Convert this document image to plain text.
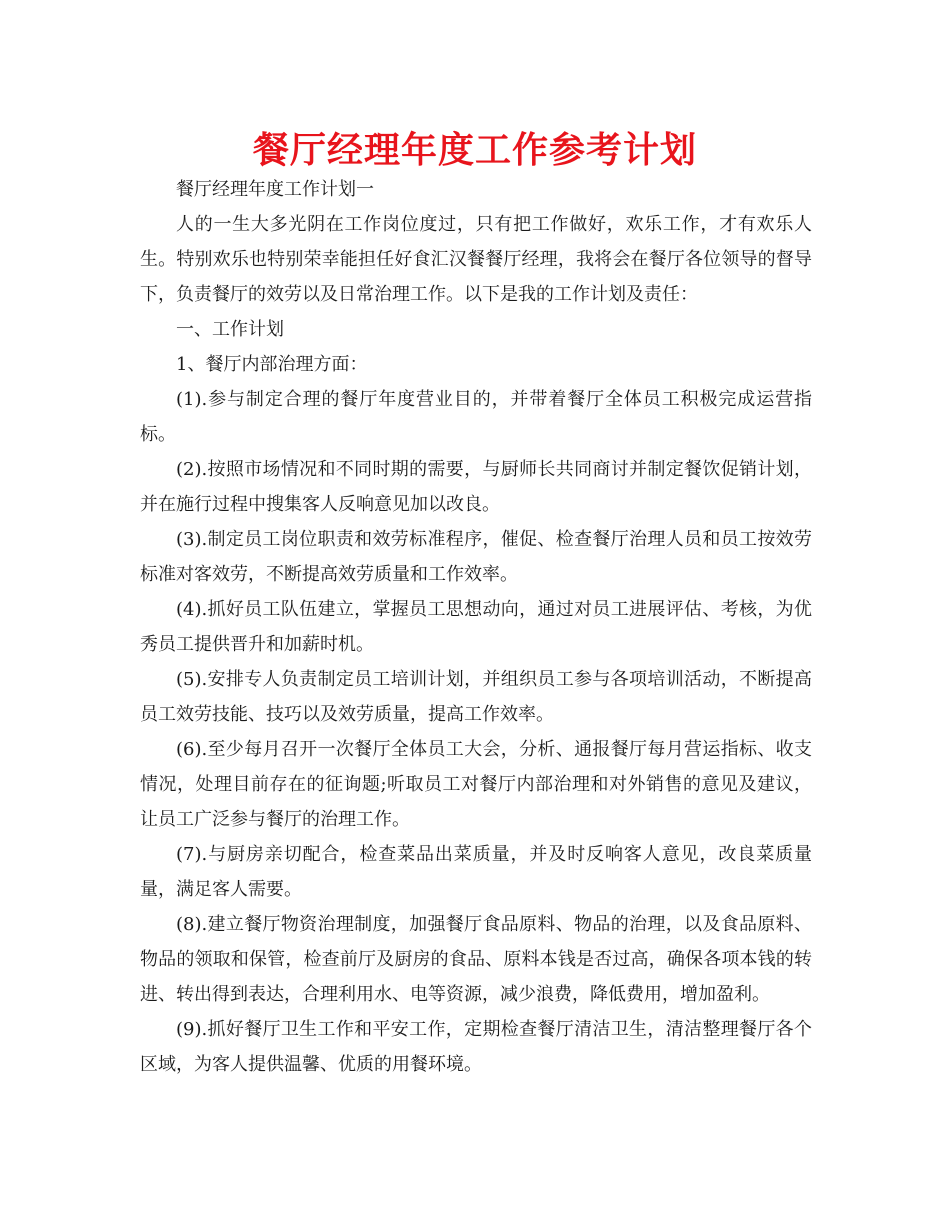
餐厅经理年度工作参考计划

餐厅经理年度工作计划一

人的一生大多光阴在工作岗位度过，只有把工作做好，欢乐工作，才有欢乐人生。特别欢乐也特别荣幸能担任好食汇汉餐餐厅经理，我将会在餐厅各位领导的督导下，负责餐厅的效劳以及日常治理工作。以下是我的工作计划及责任：

一、工作计划

1、餐厅内部治理方面：

(1).参与制定合理的餐厅年度营业目的，并带着餐厅全体员工积极完成运营指标。

(2).按照市场情况和不同时期的需要，与厨师长共同商讨并制定餐饮促销计划，并在施行过程中搜集客人反响意见加以改良。

(3).制定员工岗位职责和效劳标准程序，催促、检查餐厅治理人员和员工按效劳标准对客效劳，不断提高效劳质量和工作效率。

(4).抓好员工队伍建立，掌握员工思想动向，通过对员工进展评估、考核，为优秀员工提供晋升和加薪时机。

(5).安排专人负责制定员工培训计划，并组织员工参与各项培训活动，不断提高员工效劳技能、技巧以及效劳质量，提高工作效率。

(6).至少每月召开一次餐厅全体员工大会，分析、通报餐厅每月营运指标、收支情况，处理目前存在的征询题;听取员工对餐厅内部治理和对外销售的意见及建议，让员工广泛参与餐厅的治理工作。

(7).与厨房亲切配合，检查菜品出菜质量，并及时反响客人意见，改良菜质量量，满足客人需要。

(8).建立餐厅物资治理制度，加强餐厅食品原料、物品的治理，以及食品原料、物品的领取和保管，检查前厅及厨房的食品、原料本钱是否过高，确保各项本钱的转进、转出得到表达，合理利用水、电等资源，减少浪费，降低费用，增加盈利。

(9).抓好餐厅卫生工作和平安工作，定期检查餐厅清洁卫生，清洁整理餐厅各个区域，为客人提供温馨、优质的用餐环境。
